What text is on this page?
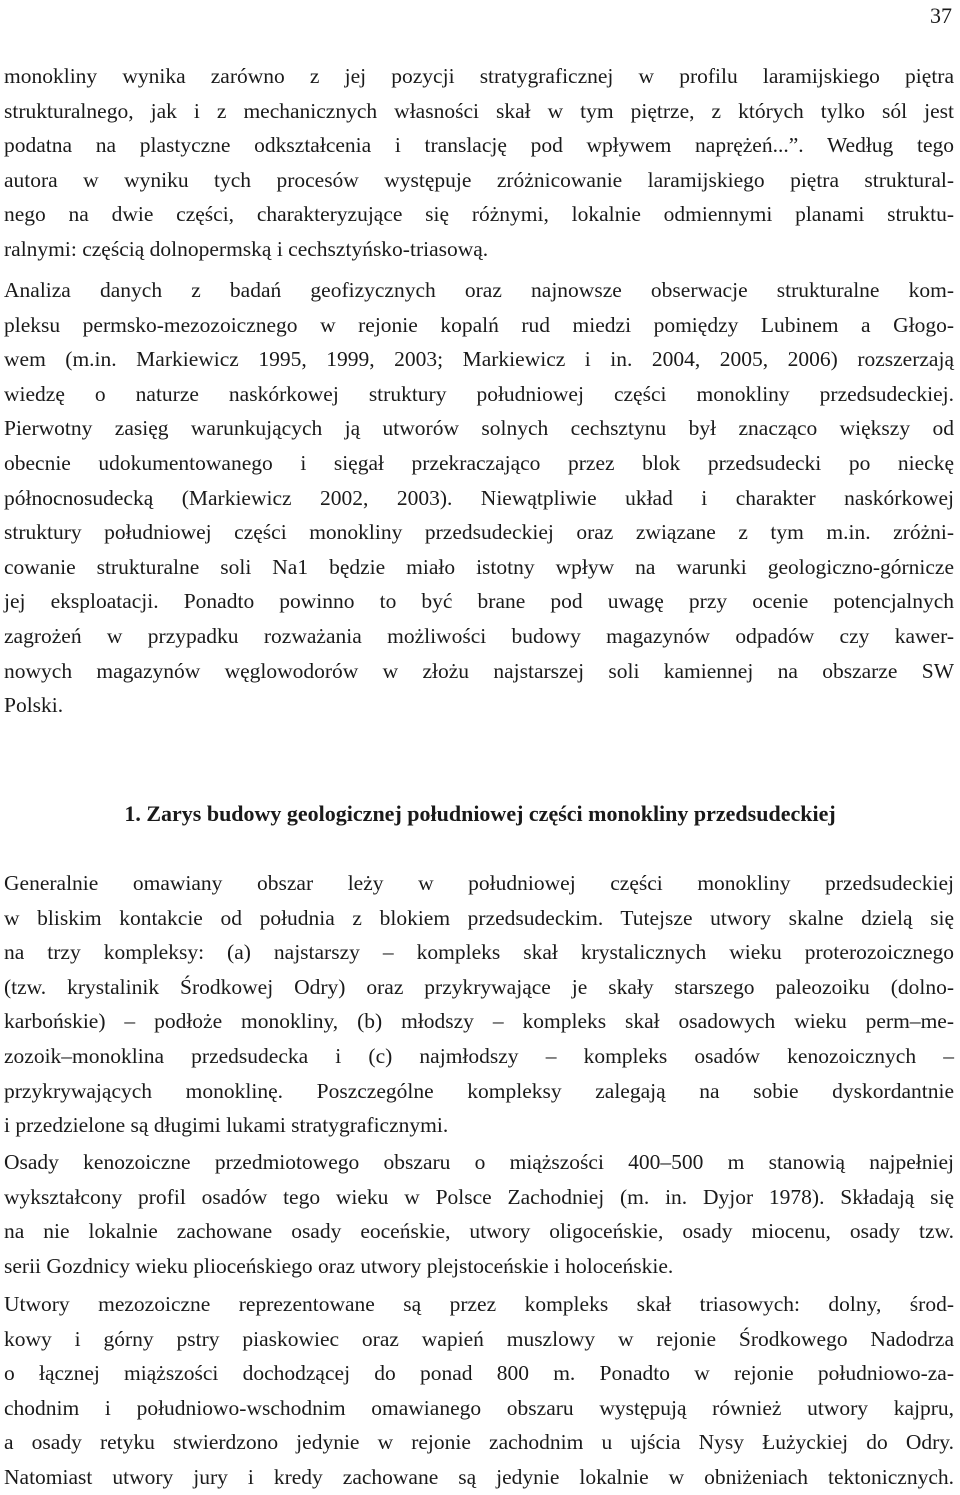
37
monokliny wynika zarówno z jej pozycji stratygraficznej w profilu laramijskiego piętra
strukturalnego, jak i z mechanicznych własności skał w tym piętrze, z których tylko sól jest
podatna na plastyczne odkształcenia i translację pod wpływem naprężeń...”. Według tego
autora w wyniku tych procesów występuje zróżnicowanie laramijskiego piętra struktural-
nego na dwie części, charakteryzujące się różnymi, lokalnie odmiennymi planami struktu-
ralnymi: częścią dolnopermską i cechsztyńsko-triasową.
Analiza danych z badań geofizycznych oraz najnowsze obserwacje strukturalne kom-
pleksu permsko-mezozoicznego w rejonie kopalń rud miedzi pomiędzy Lubinem a Głogo-
wem (m.in. Markiewicz 1995, 1999, 2003; Markiewicz i in. 2004, 2005, 2006) rozszerzają
wiedzę o naturze naskórkowej struktury południowej części monokliny przedsudeckiej.
Pierwotny zasięg warunkujących ją utworów solnych cechsztynu był znacząco większy od
obecnie udokumentowanego i sięgał przekraczająco przez blok przedsudecki po nieckę
północnosudecką (Markiewicz 2002, 2003). Niewątpliwie układ i charakter naskórkowej
struktury południowej części monokliny przedsudeckiej oraz związane z tym m.in. zróżni-
cowanie strukturalne soli Na1 będzie miało istotny wpływ na warunki geologiczno-górnicze
jej eksploatacji. Ponadto powinno to być brane pod uwagę przy ocenie potencjalnych
zagrożeń w przypadku rozważania możliwości budowy magazynów odpadów czy kawer-
nowych magazynów węglowodorów w złożu najstarszej soli kamiennej na obszarze SW
Polski.
1. Zarys budowy geologicznej południowej części monokliny przedsudeckiej
Generalnie omawiany obszar leży w południowej części monokliny przedsudeckiej
w bliskim kontakcie od południa z blokiem przedsudeckim. Tutejsze utwory skalne dzielą się
na trzy kompleksy: (a) najstarszy – kompleks skał krystalicznych wieku proterozoicznego
(tzw. krystalinik Środkowej Odry) oraz przykrywające je skały starszego paleozoiku (dolno-
karbońskie) – podłoże monokliny, (b) młodszy – kompleks skał osadowych wieku perm–me-
zozoik–monoklina przedsudecka i (c) najmłodszy – kompleks osadów kenozoicznych –
przykrywających monoklinę. Poszczególne kompleksy zalegają na sobie dyskordantnie
i przedzielone są długimi lukami stratygraficznymi.
Osady kenozoiczne przedmiotowego obszaru o miąższości 400–500 m stanowią najpełniej
wykształcony profil osadów tego wieku w Polsce Zachodniej (m. in. Dyjor 1978). Składają się
na nie lokalnie zachowane osady eoceńskie, utwory oligoceńskie, osady miocenu, osady tzw.
serii Gozdnicy wieku plioceńskiego oraz utwory plejstoceńskie i holoceńskie.
Utwory mezozoiczne reprezentowane są przez kompleks skał triasowych: dolny, środ-
kowy i górny pstry piaskowiec oraz wapień muszlowy w rejonie Środkowego Nadodrza
o łącznej miąższości dochodzącej do ponad 800 m. Ponadto w rejonie południowo-za-
chodnim i południowo-wschodnim omawianego obszaru występują również utwory kajpru,
a osady retyku stwierdzono jedynie w rejonie zachodnim u ujścia Nysy Łużyckiej do Odry.
Natomiast utwory jury i kredy zachowane są jedynie lokalnie w obniżeniach tektonicznych.
